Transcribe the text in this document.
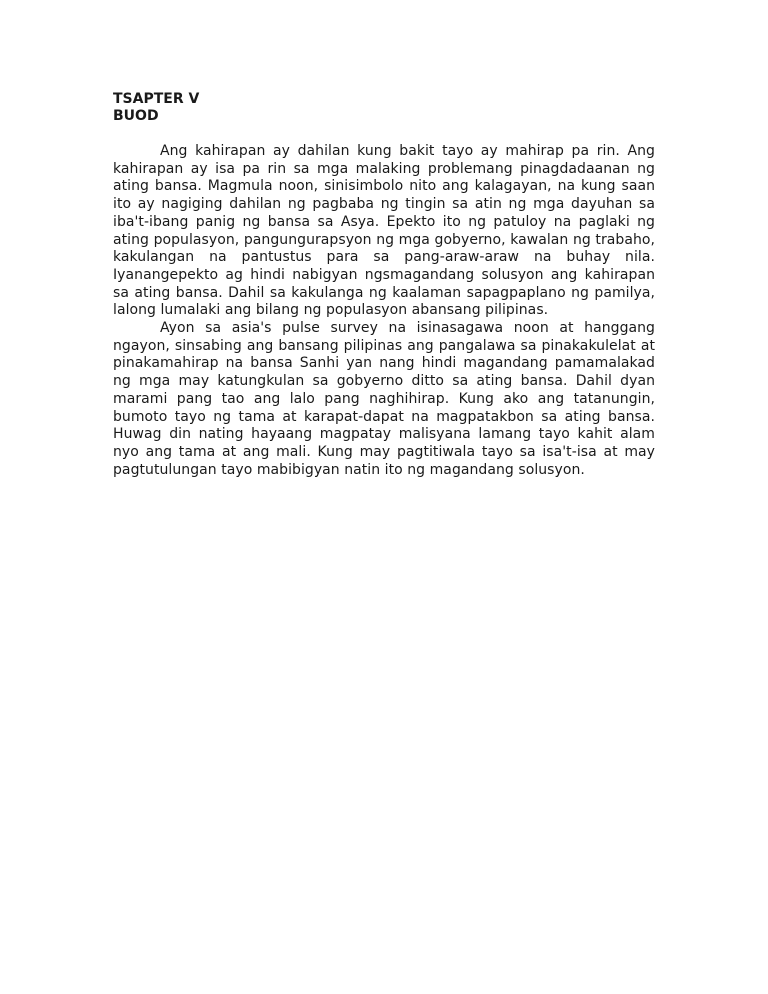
TSAPTER V

BUOD

Ang kahirapan ay dahilan kung bakit tayo ay mahirap pa rin. Ang kahirapan ay isa pa rin sa mga malaking problemang pinagdadaanan ng ating bansa. Magmula noon, sinisimbolo nito ang kalagayan, na kung saan ito ay nagiging dahilan ng pagbaba ng tingin sa atin ng mga dayuhan sa iba't-ibang panig ng bansa sa Asya. Epekto ito ng patuloy na paglaki ng ating populasyon, pangungurapsyon ng mga gobyerno, kawalan ng trabaho, kakulangan na pantustus para sa pang-araw-araw na buhay nila. Iyanangepekto ag hindi nabigyan ngsmagandang solusyon ang kahirapan sa ating bansa. Dahil sa kakulanga ng kaalaman sapagpaplano ng pamilya, lalong lumalaki ang bilang ng populasyon abansang pilipinas.

Ayon sa asia's pulse survey na isinasagawa noon at hanggang ngayon, sinsabing ang bansang pilipinas ang pangalawa sa pinakakulelat at pinakamahirap na bansa Sanhi yan nang hindi magandang pamamalakad ng mga may katungkulan sa gobyerno ditto sa ating bansa. Dahil dyan marami pang tao ang lalo pang naghihirap. Kung ako ang tatanungin, bumoto tayo ng tama at karapat-dapat na magpatakbon sa ating bansa. Huwag din nating hayaang magpatay malisyana lamang tayo kahit alam nyo ang tama at ang mali. Kung may pagtitiwala tayo sa isa't-isa at may pagtutulungan tayo mabibigyan natin ito ng magandang solusyon.
